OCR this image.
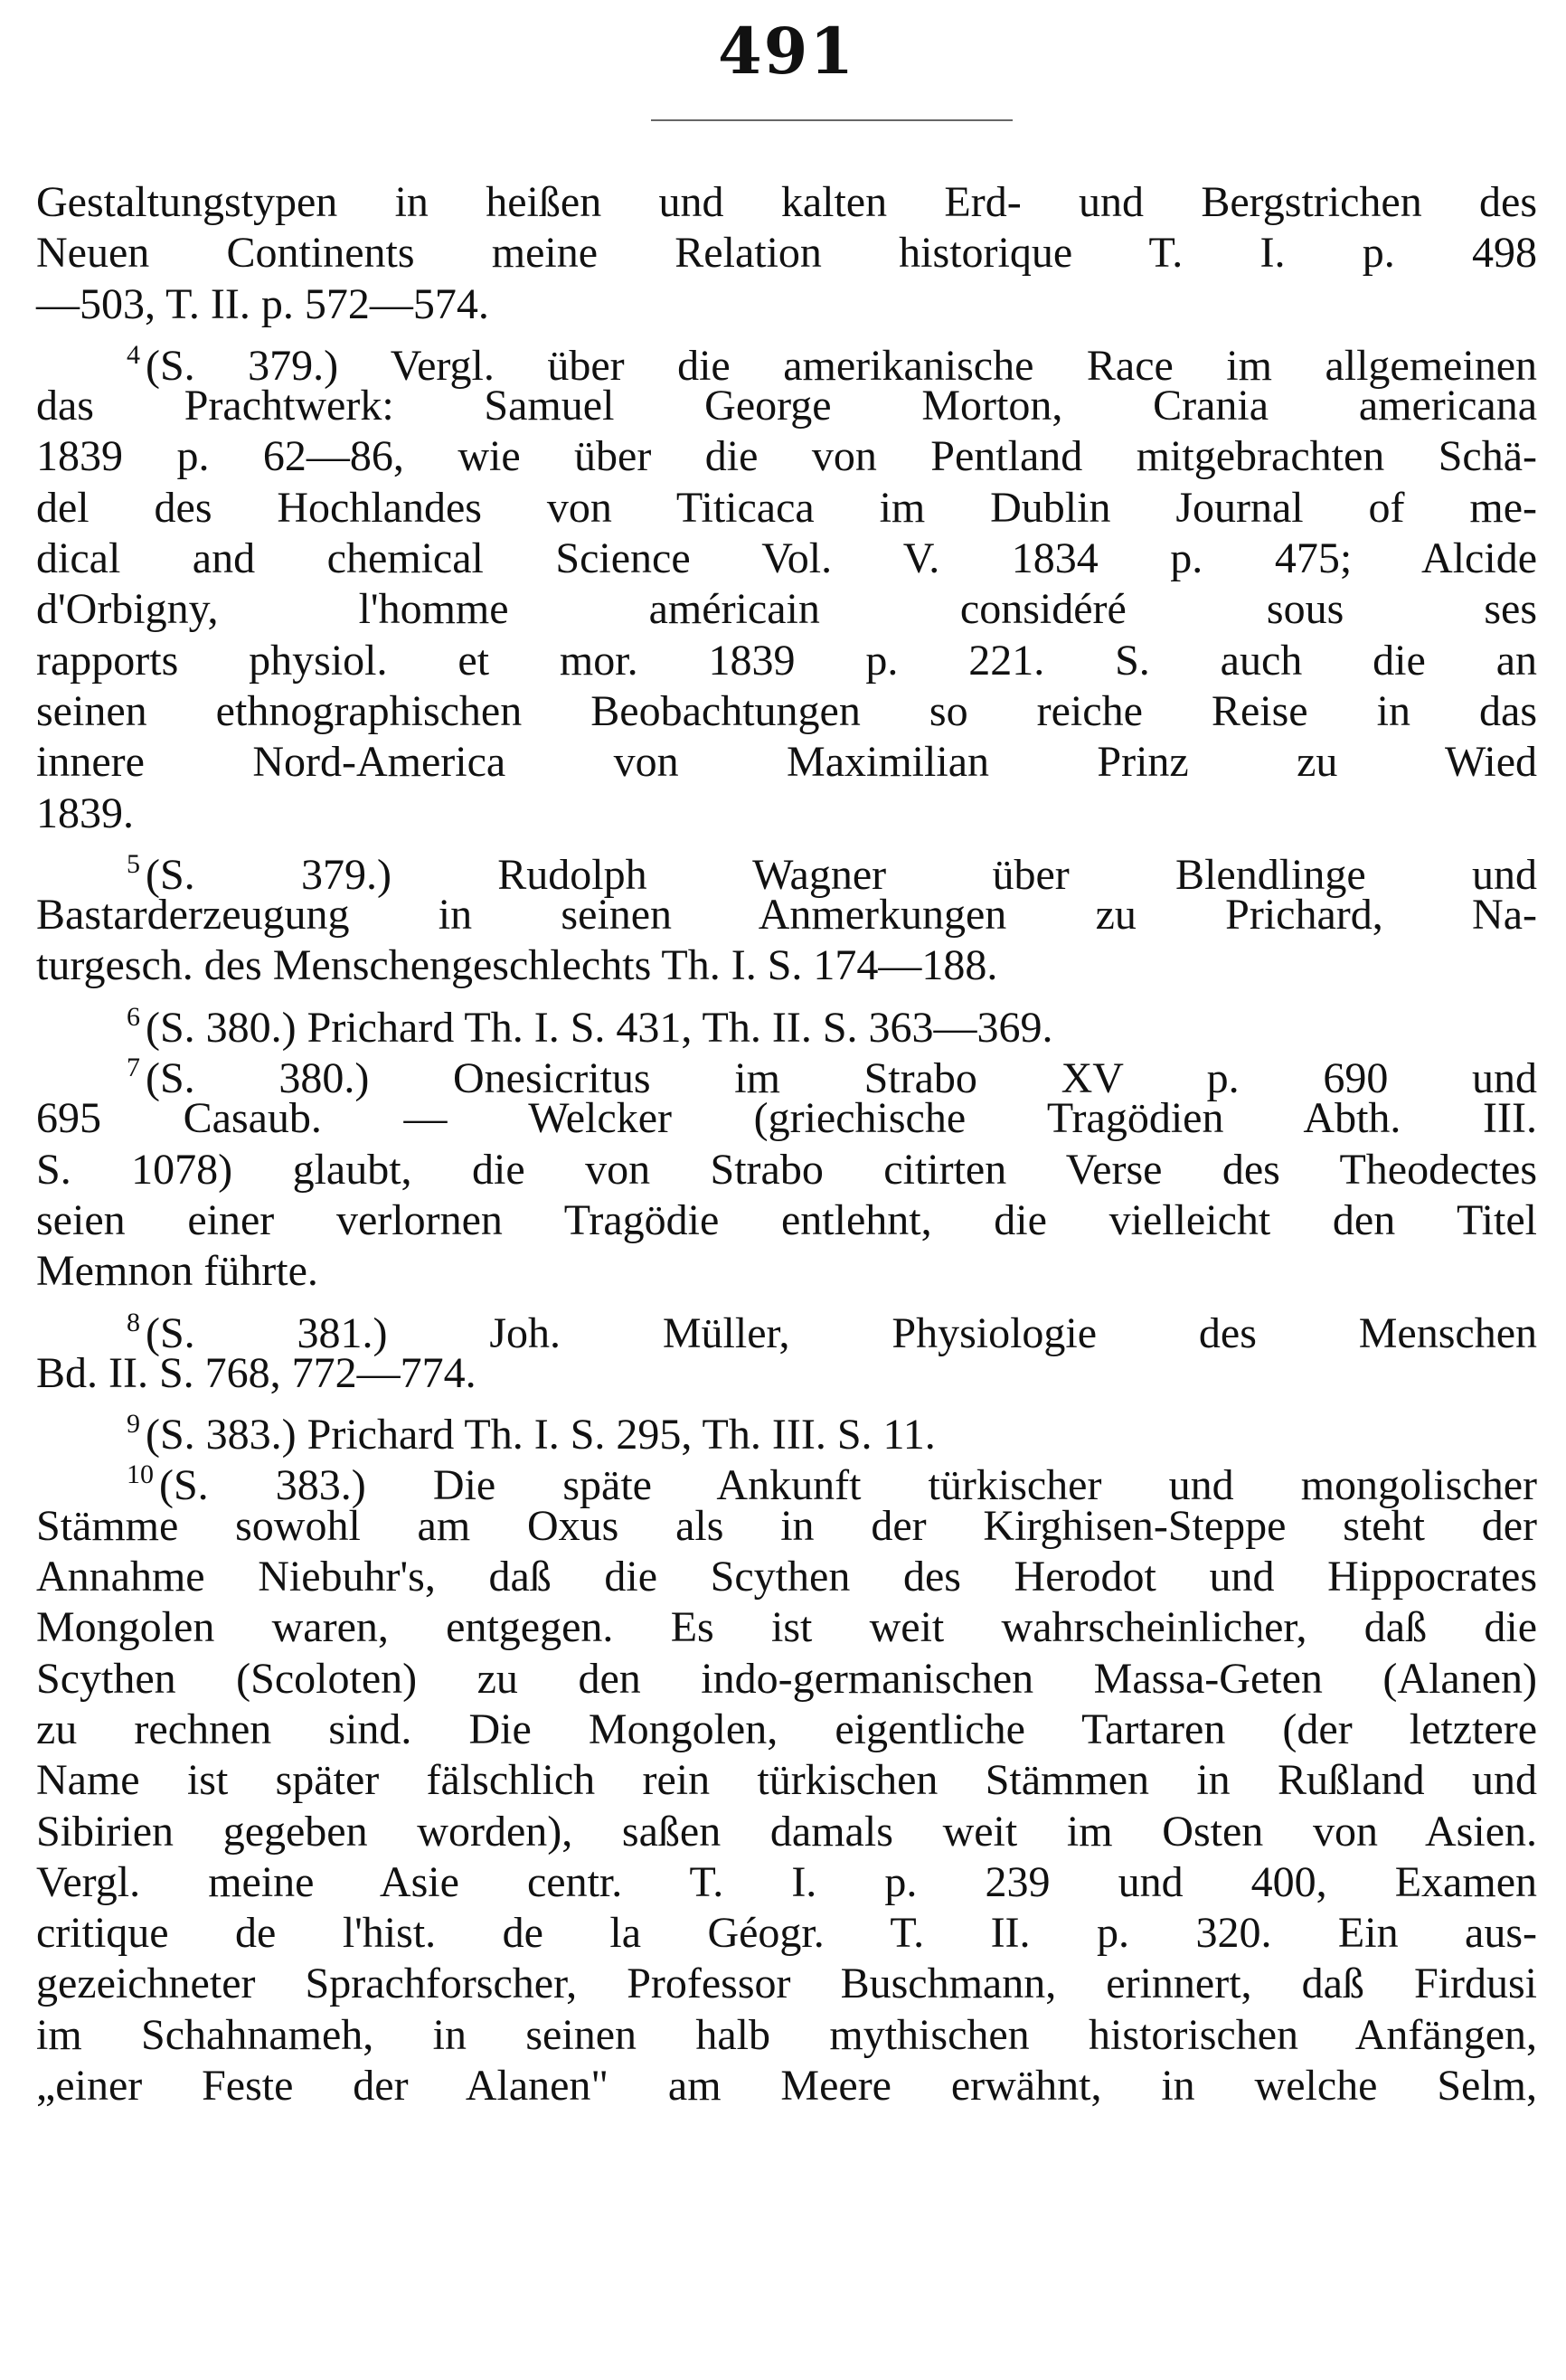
491
Gestaltungstypen in heißen und kalten Erd- und Bergstrichen des
Neuen Continents meine Relation historique T. I. p. 498
—503, T. II. p. 572—574.
$^4$ (S. 379.) Vergl. über die amerikanische Race im allgemeinen
das Prachtwerk: Samuel George Morton, Crania americana
1839 p. 62—86, wie über die von Pentland mitgebrachten Schä-
del des Hochlandes von Titicaca im Dublin Journal of me-
dical and chemical Science Vol. V. 1834 p. 475; Alcide
d'Orbigny, l'homme américain considéré sous ses
rapports physiol. et mor. 1839 p. 221. S. auch die an
seinen ethnographischen Beobachtungen so reiche Reise in das
innere Nord-America von Maximilian Prinz zu Wied
1839.
$^5$ (S. 379.) Rudolph Wagner über Blendlinge und
Bastarderzeugung in seinen Anmerkungen zu Prichard, Na-
turgesch. des Menschengeschlechts Th. I. S. 174—188.
$^6$ (S. 380.) Prichard Th. I. S. 431, Th. II. S. 363—369.
$^7$ (S. 380.) Onesicritus im Strabo XV p. 690 und
695 Casaub. — Welcker (griechische Tragödien Abth. III.
S. 1078) glaubt, die von Strabo citirten Verse des Theodectes
seien einer verlornen Tragödie entlehnt, die vielleicht den Titel
Memnon führte.
$^8$ (S. 381.) Joh. Müller, Physiologie des Menschen
Bd. II. S. 768, 772—774.
$^9$ (S. 383.) Prichard Th. I. S. 295, Th. III. S. 11.
$^{10}$ (S. 383.) Die späte Ankunft türkischer und mongolischer
Stämme sowohl am Oxus als in der Kirghisen-Steppe steht der
Annahme Niebuhr's, daß die Scythen des Herodot und Hippocrates
Mongolen waren, entgegen. Es ist weit wahrscheinlicher, daß die
Scythen (Scoloten) zu den indo-germanischen Massa-Geten (Alanen)
zu rechnen sind. Die Mongolen, eigentliche Tartaren (der letztere
Name ist später fälschlich rein türkischen Stämmen in Rußland und
Sibirien gegeben worden), saßen damals weit im Osten von Asien.
Vergl. meine Asie centr. T. I. p. 239 und 400, Examen
critique de l'hist. de la Géogr. T. II. p. 320. Ein aus-
gezeichneter Sprachforscher, Professor Buschmann, erinnert, daß Firdusi
im Schahnameh, in seinen halb mythischen historischen Anfängen,
„einer Feste der Alanen" am Meere erwähnt, in welche Selm,
